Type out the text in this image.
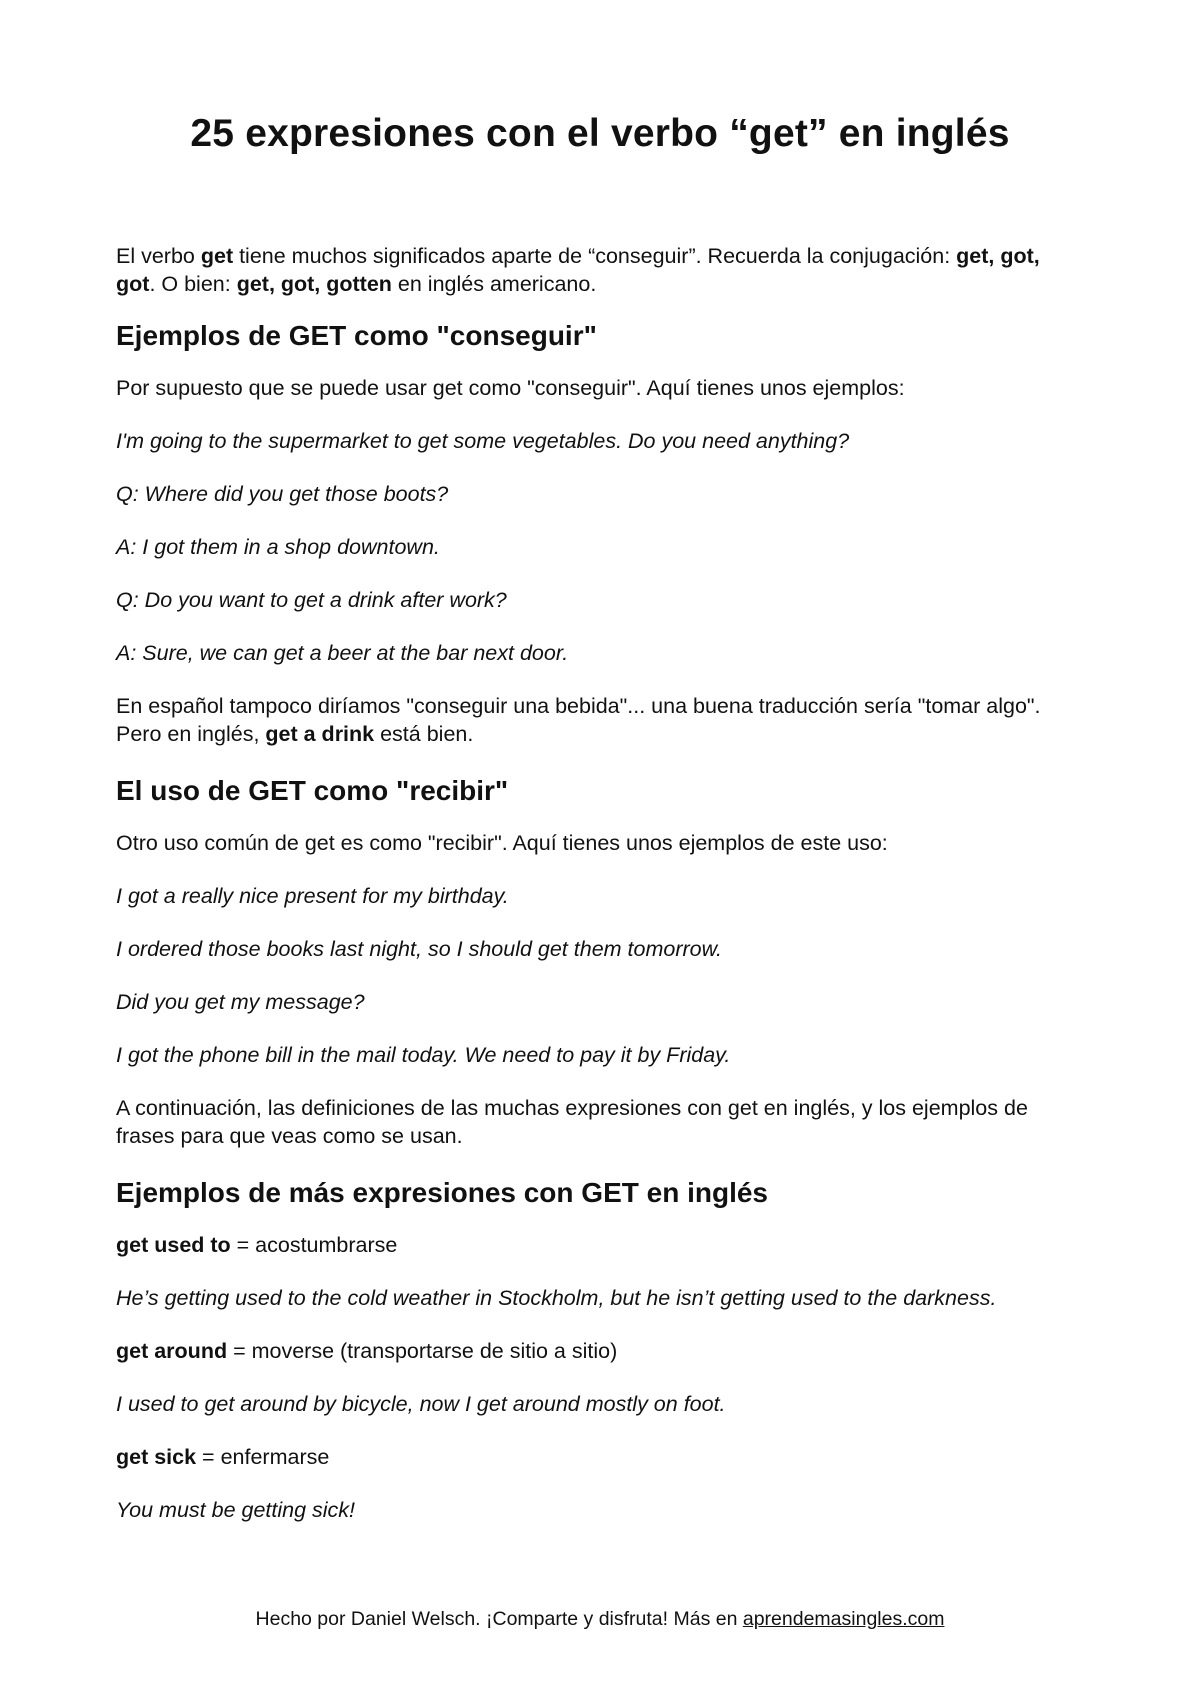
25 expresiones con el verbo “get” en inglés

El verbo get tiene muchos significados aparte de “conseguir”. Recuerda la conjugación: get, got, got. O bien: get, got, gotten en inglés americano.

Ejemplos de GET como "conseguir"

Por supuesto que se puede usar get como "conseguir". Aquí tienes unos ejemplos:

I'm going to the supermarket to get some vegetables. Do you need anything?

Q: Where did you get those boots?

A: I got them in a shop downtown.

Q: Do you want to get a drink after work?

A: Sure, we can get a beer at the bar next door.

En español tampoco diríamos "conseguir una bebida"... una buena traducción sería "tomar algo". Pero en inglés, get a drink está bien.

El uso de GET como "recibir"

Otro uso común de get es como "recibir". Aquí tienes unos ejemplos de este uso:

I got a really nice present for my birthday.

I ordered those books last night, so I should get them tomorrow.

Did you get my message?

I got the phone bill in the mail today. We need to pay it by Friday.

A continuación, las definiciones de las muchas expresiones con get en inglés, y los ejemplos de frases para que veas como se usan.

Ejemplos de más expresiones con GET en inglés

get used to = acostumbrarse

He’s getting used to the cold weather in Stockholm, but he isn’t getting used to the darkness.

get around = moverse (transportarse de sitio a sitio)

I used to get around by bicycle, now I get around mostly on foot.

get sick = enfermarse

You must be getting sick!

Hecho por Daniel Welsch. ¡Comparte y disfruta! Más en aprendemasingles.com
